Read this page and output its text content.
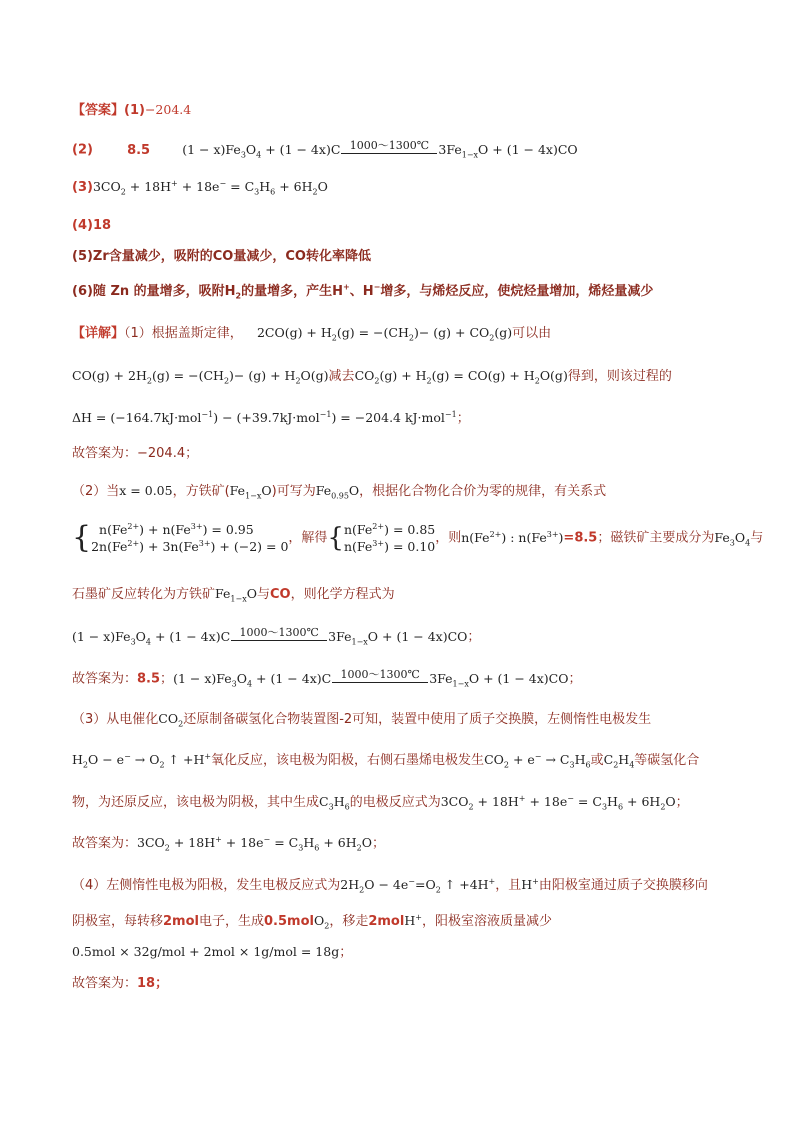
【答案】(1)−204.4
(2)	8.5	$(1 - x)Fe_3O_4 + (1 - 4x)C$ 1000～1300℃ $3Fe_{1-x}O + (1 - 4x)CO$
$(3)3CO_2 + 18H^+ + 18e^- = C_3H_6 + 6H_2O$
(4)18
(5)Zr含量减少，吸附的CO量减少，CO转化率降低
(6)随 Zn 的量增多，吸附$H_2$的量增多，产生H+、H−增多，与烯烃反应，使烷烃量增加，烯烃量减少
【详解】（1）根据盖斯定律， $2CO(g) + H_2(g) = -(CH_2)- (g) + CO_2(g)$可以由
$CO(g) + 2H_2(g) = -(CH_2)- (g) + H_2O(g)$减去$CO_2(g) + H_2(g) = CO(g) + H_2O(g)$得到，则该过程的
ΔH = (−164.7kJ·mol$^{-1}$) − (+39.7kJ·mol$^{-1}$) = −204.4 kJ·mol$^{-1}$；
故答案为：−204.4；
（2）当x = 0.05，方铁矿$(Fe_{1-x}O)$可写为$Fe_{0.95}O$，根据化合物化合价为零的规律，有关系式
{  $n(Fe^{2+}) + n(Fe^{3+}) = 0.95$
$2n(Fe^{2+}) + 3n(Fe^{3+}) + (-2) = 0$，解得{$n(Fe^{2+}) = 0.85$
$n(Fe^{3+}) = 0.10$，则$n(Fe^{2+})$ : $n(Fe^{3+})=8.5$；磁铁矿主要成分为$Fe_3O_4$与
石墨矿反应转化为方铁矿$Fe_{1-x}O$与CO，则化学方程式为
$(1 - x)Fe_3O_4 + (1 - 4x)C$ 1000～1300℃ $3Fe_{1-x}O + (1 - 4x)CO$；
故答案为：8.5；$(1 - x)Fe_3O_4 + (1 - 4x)C$ 1000～1300℃ $3Fe_{1-x}O + (1 - 4x)CO$；
（3）从电催化$CO_2$还原制备碳氢化合物装置图-2可知，装置中使用了质子交换膜，左侧惰性电极发生
$H_2O - e^- \to O_2$ ↑ +H+氧化反应，该电极为阳极，右侧石墨烯电极发生$CO_2 + e^- \to C_3H_6$或$C_2H_4$等碳氢化合
物，为还原反应，该电极为阴极，其中生成$C_3H_6$的电极反应式为$3CO_2 + 18H^+ + 18e^- = C_3H_6 + 6H_2O$；
故答案为：$3CO_2 + 18H^+ + 18e^- = C_3H_6 + 6H_2O$；
（4）左侧惰性电极为阳极，发生电极反应式为$2H_2O - 4e^-=O_2$ ↑ +4H+，且H+由阳极室通过质子交换膜移向
阴极室，每转移2mol电子，生成0.5molO$_2$，移走2molH+，阳极室溶液质量减少
0.5mol × 32g/mol + 2mol × 1g/mol = 18g；
故答案为：18；
